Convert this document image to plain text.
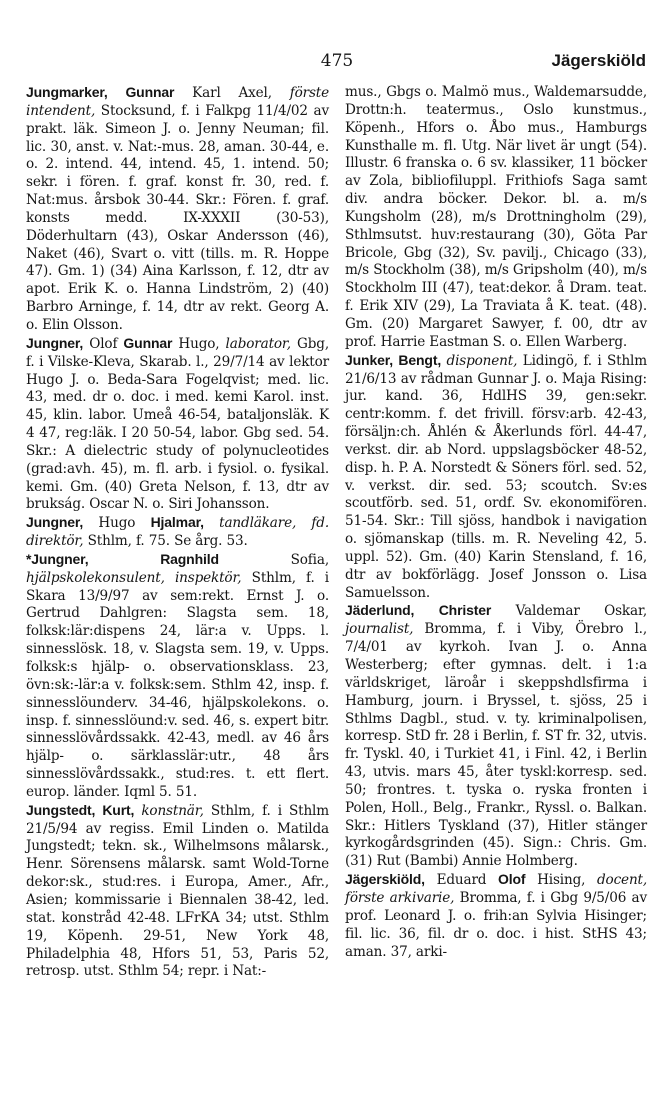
475	Jägerskiöld

Jungmarker, Gunnar Karl Axel, förste intendent, Stocksund, f. i Falkpg 11/4/02 av prakt. läk. Simeon J. o. Jenny Neuman; fil. lic. 30, anst. v. Nat:-mus. 28, aman. 30-44, e. o. 2. intend. 44, intend. 45, 1. intend. 50; sekr. i fören. f. graf. konst fr. 30, red. f. Nat:mus. årsbok 30-44. Skr.: Fören. f. graf. konsts medd. IX-XXXII (30-53), Döderhultarn (43), Oskar Andersson (46), Naket (46), Svart o. vitt (tills. m. R. Hoppe 47). Gm. 1) (34) Aina Karlsson, f. 12, dtr av apot. Erik K. o. Hanna Lindström, 2) (40) Barbro Arninge, f. 14, dtr av rekt. Georg A. o. Elin Olsson.

Jungner, Olof Gunnar Hugo, laborator, Gbg, f. i Vilske-Kleva, Skarab. l., 29/7/14 av lektor Hugo J. o. Beda-Sara Fogelqvist; med. lic. 43, med. dr o. doc. i med. kemi Karol. inst. 45, klin. labor. Umeå 46-54, bataljonsläk. K 4 47, reg:läk. I 20 50-54, labor. Gbg sed. 54. Skr.: A dielectric study of polynucleotides (grad:avh. 45), m. fl. arb. i fysiol. o. fysikal. kemi. Gm. (40) Greta Nelson, f. 13, dtr av brukság. Oscar N. o. Siri Johansson.

Jungner, Hugo Hjalmar, tandläkare, fd. direktör, Sthlm, f. 75. Se årg. 53.

*Jungner,	Ragnhild	Sofia, hjälpskolekonsulent, inspektör, Sthlm, f. i Skara 13/9/97 av sem:rekt. Ernst J. o. Gertrud Dahlgren: Slagsta sem. 18, folksk:lär:dispens 24, lär:a v. Upps. l. sinnesslösk. 18, v. Slagsta sem. 19, v. Upps. folksk:s hjälp- o. observationsklass. 23, övn:sk:-lär:a v. folksk:sem. Sthlm 42, insp. f. sinnesslöunderv. 34-46, hjälpskolekons. o. insp. f. sinnesslöund:v. sed. 46, s. expert bitr. sinnesslövårdssakk. 42-43, medl. av 46 års hjälp- o. särklasslär:utr., 48 års sinnesslövårdssakk., stud:res. t. ett flert. europ. länder. Iqml 5. 51.

Jungstedt, Kurt, konstnär, Sthlm, f. i Sthlm 21/5/94 av regiss. Emil Linden o. Matilda Jungstedt; tekn. sk., Wilhelmsons målarsk., Henr. Sörensens målarsk. samt Wold-Torne dekor:sk., stud:res. i Europa, Amer., Afr., Asien; kommissarie i Biennalen 38-42, led. stat. konstråd 42-48. LFrKA 34; utst. Sthlm 19, Köpenh. 29-51, New York 48, Philadelphia 48, Hfors 51, 53, Paris 52, retrosp. utst. Sthlm 54; repr. i Nat:-

mus., Gbgs o. Malmö mus., Waldemarsudde, Drottn:h. teatermus., Oslo kunstmus., Köpenh., Hfors o. Åbo mus., Hamburgs Kunsthalle m. fl. Utg. När livet är ungt (54). Illustr. 6 franska o. 6 sv. klassiker, 11 böcker av Zola, bibliofiluppl. Frithiofs Saga samt div. andra böcker. Dekor. bl. a. m/s Kungsholm (28), m/s Drottningholm (29), Sthlmsutst. huv:restaurang (30), Göta Par Bricole, Gbg (32), Sv. pavilj., Chicago (33), m/s Stockholm (38), m/s Gripsholm (40), m/s Stockholm III (47), teat:dekor. å Dram. teat. f. Erik XIV (29), La Traviata å K. teat. (48). Gm. (20) Margaret Sawyer, f. 00, dtr av prof. Harrie Eastman S. o. Ellen Warberg.

Junker, Bengt, disponent, Lidingö, f. i Sthlm 21/6/13 av rådman Gunnar J. o. Maja Rising: jur. kand. 36, HdlHS 39, gen:sekr. centr:komm. f. det frivill. försv:arb. 42-43, försäljn:ch. Åhlén & Åkerlunds förl. 44-47, verkst. dir. ab Nord. uppslagsböcker 48-52, disp. h. P. A. Norstedt & Söners förl. sed. 52, v. verkst. dir. sed. 53; scoutch. Sv:es scoutförb. sed. 51, ordf. Sv. ekonomifören. 51-54. Skr.: Till sjöss, handbok i navigation o. sjömanskap (tills. m. R. Neveling 42, 5. uppl. 52). Gm. (40) Karin Stensland, f. 16, dtr av bokförlägg. Josef Jonsson o. Lisa Samuelsson.

Jäderlund, Christer Valdemar Oskar, journalist, Bromma, f. i Viby, Örebro l., 7/4/01 av kyrkoh. Ivan J. o. Anna Westerberg; efter gymnas. delt. i 1:a världskriget, läroår i skeppshdlsfirma i Hamburg, journ. i Bryssel, t. sjöss, 25 i Sthlms Dagbl., stud. v. ty. kriminalpolisen, korresp. StD fr. 28 i Berlin, f. ST fr. 32, utvis. fr. Tyskl. 40, i Turkiet 41, i Finl. 42, i Berlin 43, utvis. mars 45, åter tyskl:korresp. sed. 50; frontres. t. tyska o. ryska fronten i Polen, Holl., Belg., Frankr., Ryssl. o. Balkan. Skr.: Hitlers Tyskland (37), Hitler stänger kyrkogårdsgrinden (45). Sign.: Chris. Gm. (31) Rut (Bambi) Annie Holmberg.

Jägerskiöld, Eduard Olof Hising, docent, förste arkivarie, Bromma, f. i Gbg 9/5/06 av prof. Leonard J. o. frih:an Sylvia Hisinger; fil. lic. 36, fil. dr o. doc. i hist. StHS 43; aman. 37, arki-
